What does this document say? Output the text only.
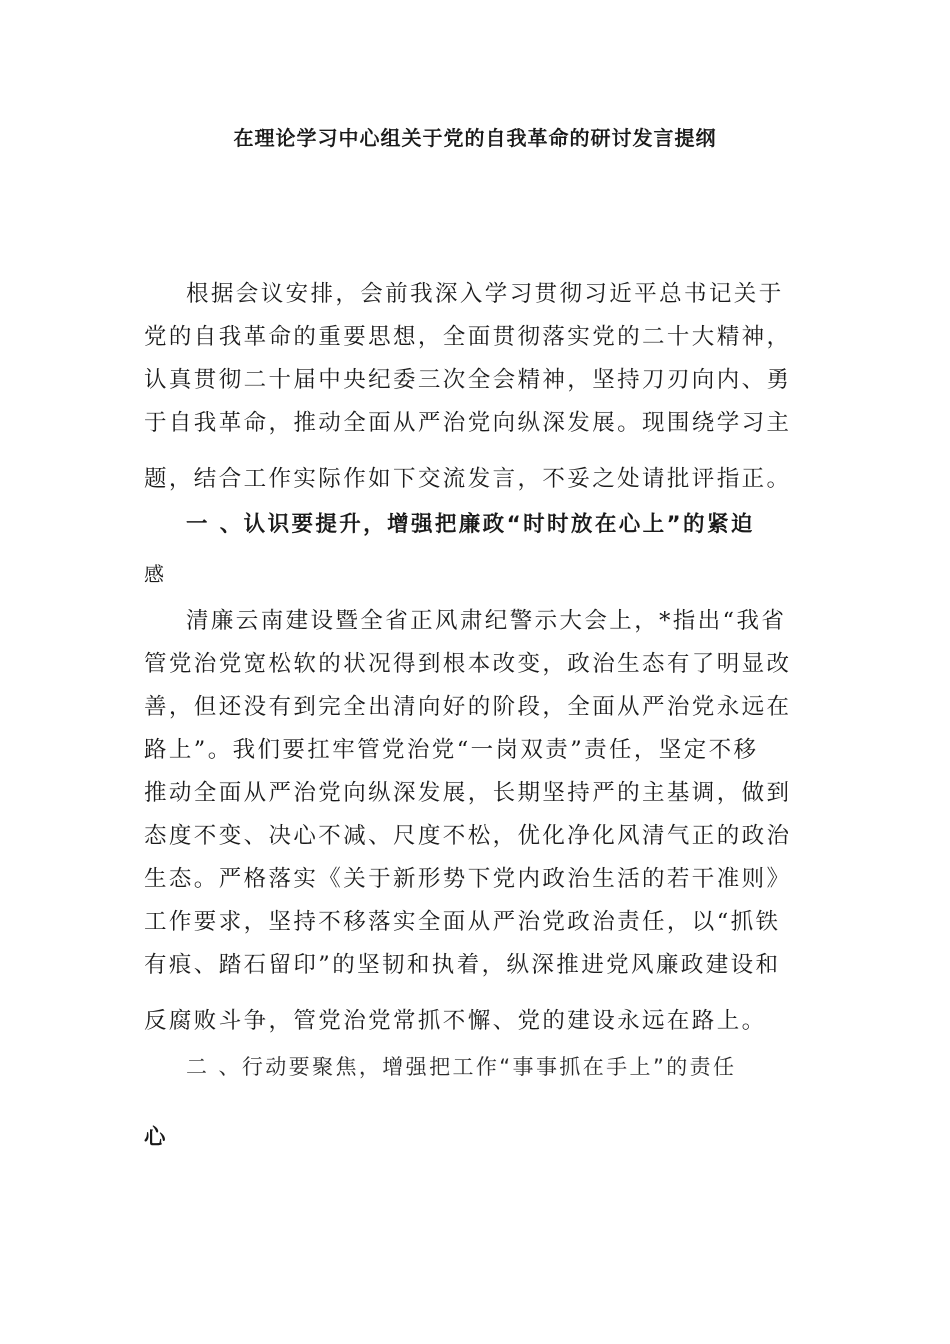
在理论学习中心组关于党的自我革命的研讨发言提纲

根据会议安排，会前我深入学习贯彻习近平总书记关于

党的自我革命的重要思想，全面贯彻落实党的二十大精神，

认真贯彻二十届中央纪委三次全会精神，坚持刀刃向内、勇

于自我革命，推动全面从严治党向纵深发展。现围绕学习主

题，结合工作实际作如下交流发言，不妥之处请批评指正。

一 、认识要提升，增强把廉政“时时放在心上”的紧迫

感

清廉云南建设暨全省正风肃纪警示大会上，*指出“我省

管党治党宽松软的状况得到根本改变，政治生态有了明显改

善，但还没有到完全出清向好的阶段，全面从严治党永远在

路上”。我们要扛牢管党治党“一岗双责”责任，坚定不移

推动全面从严治党向纵深发展，长期坚持严的主基调，做到

态度不变、决心不减、尺度不松，优化净化风清气正的政治

生态。严格落实《关于新形势下党内政治生活的若干准则》

工作要求，坚持不移落实全面从严治党政治责任，以“抓铁

有痕、踏石留印”的坚韧和执着，纵深推进党风廉政建设和

反腐败斗争，管党治党常抓不懈、党的建设永远在路上。

二 、行动要聚焦，增强把工作“事事抓在手上”的责任

心
